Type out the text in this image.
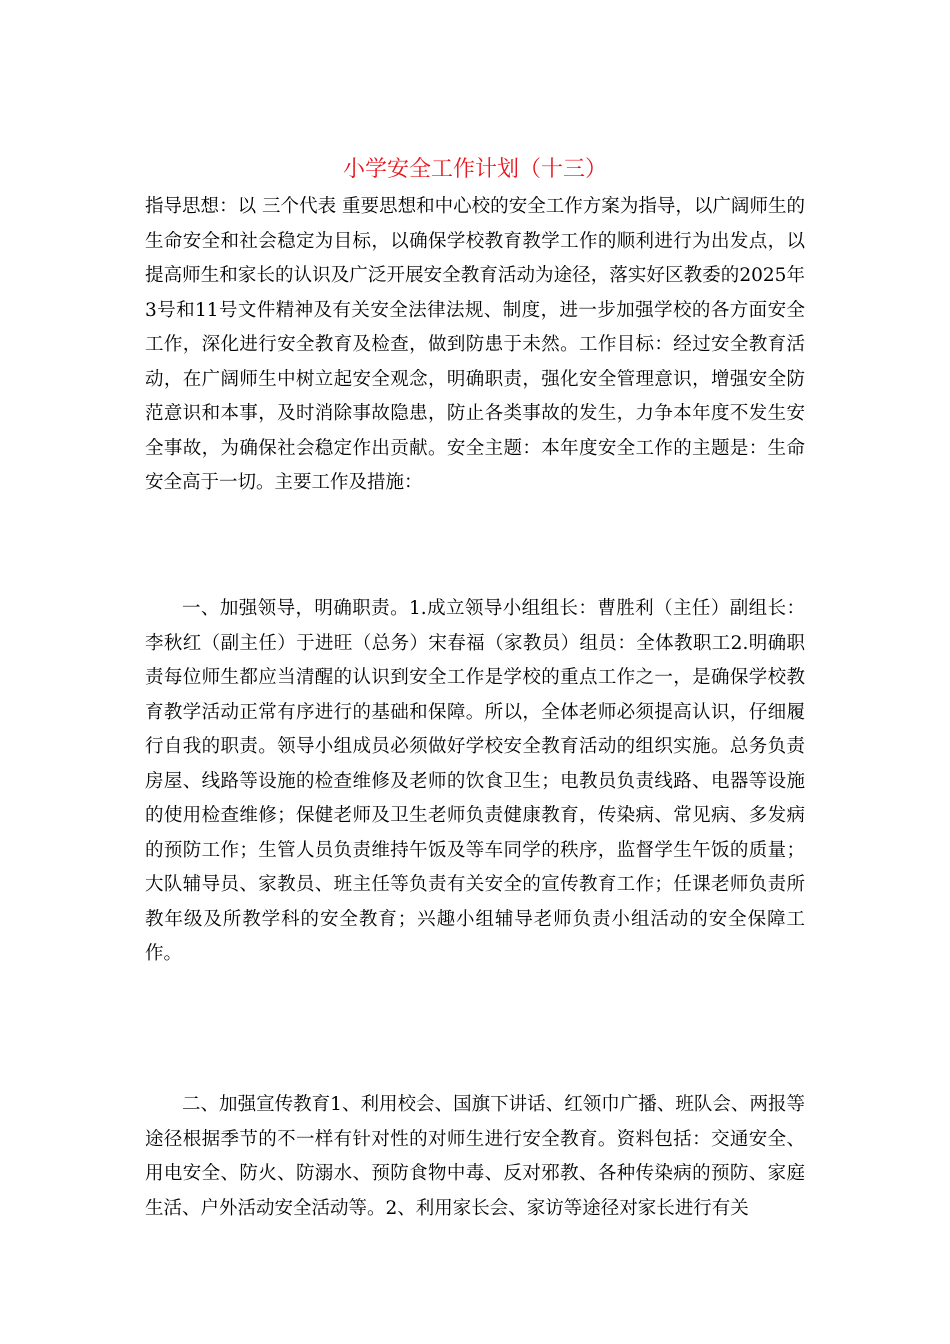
小学安全工作计划（十三）

指导思想：以 三个代表 重要思想和中心校的安全工作方案为指导，以广阔师生的生命安全和社会稳定为目标，以确保学校教育教学工作的顺利进行为出发点，以提高师生和家长的认识及广泛开展安全教育活动为途径，落实好区教委的2025年3号和11号文件精神及有关安全法律法规、制度，进一步加强学校的各方面安全工作，深化进行安全教育及检查，做到防患于未然。工作目标：经过安全教育活动，在广阔师生中树立起安全观念，明确职责，强化安全管理意识，增强安全防范意识和本事，及时消除事故隐患，防止各类事故的发生，力争本年度不发生安全事故，为确保社会稳定作出贡献。安全主题：本年度安全工作的主题是：生命安全高于一切。主要工作及措施：

一、加强领导，明确职责。1.成立领导小组组长：曹胜利（主任）副组长：李秋红（副主任）于进旺（总务）宋春福（家教员）组员：全体教职工2.明确职责每位师生都应当清醒的认识到安全工作是学校的重点工作之一，是确保学校教育教学活动正常有序进行的基础和保障。所以，全体老师必须提高认识，仔细履行自我的职责。领导小组成员必须做好学校安全教育活动的组织实施。总务负责房屋、线路等设施的检查维修及老师的饮食卫生；电教员负责线路、电器等设施的使用检查维修；保健老师及卫生老师负责健康教育，传染病、常见病、多发病的预防工作；生管人员负责维持午饭及等车同学的秩序，监督学生午饭的质量；大队辅导员、家教员、班主任等负责有关安全的宣传教育工作；任课老师负责所教年级及所教学科的安全教育；兴趣小组辅导老师负责小组活动的安全保障工作。

二、加强宣传教育1、利用校会、国旗下讲话、红领巾广播、班队会、两报等途径根据季节的不一样有针对性的对师生进行安全教育。资料包括：交通安全、用电安全、防火、防溺水、预防食物中毒、反对邪教、各种传染病的预防、家庭生活、户外活动安全活动等。2、利用家长会、家访等途径对家长进行有关
